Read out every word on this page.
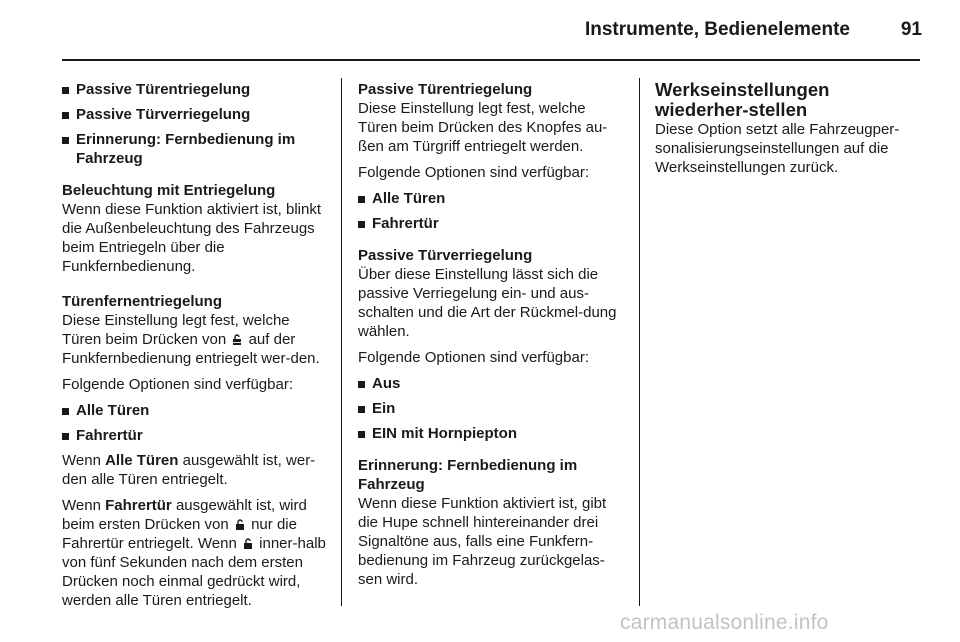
Instrumente, Bedienelemente	91
Passive Türentriegelung
Passive Türverriegelung
Erinnerung: Fernbedienung im Fahrzeug
Beleuchtung mit Entriegelung

Wenn diese Funktion aktiviert ist, blinkt die Außenbeleuchtung des Fahrzeugs beim Entriegeln über die Funkfernbedienung.

Türenfernentriegelung

Diese Einstellung legt fest, welche Türen beim Drücken von auf der Funkfernbedienung entriegelt wer-den.

Folgende Optionen sind verfügbar:

Alle Türen
Fahrertür

Wenn Alle Türen ausgewählt ist, wer-den alle Türen entriegelt.

Wenn Fahrertür ausgewählt ist, wird beim ersten Drücken von nur die Fahrertür entriegelt. Wenn inner-halb von fünf Sekunden nach dem ersten Drücken noch einmal gedrückt wird, werden alle Türen entriegelt.

Passive Türentriegelung

Diese Einstellung legt fest, welche Türen beim Drücken des Knopfes au-ßen am Türgriff entriegelt werden.

Folgende Optionen sind verfügbar:

Alle Türen
Fahrertür
Passive Türverriegelung

Über diese Einstellung lässt sich die passive Verriegelung ein- und aus-schalten und die Art der Rückmel-dung wählen.

Folgende Optionen sind verfügbar:

Aus
Ein
EIN mit Hornpiepton
Erinnerung: Fernbedienung im Fahrzeug

Wenn diese Funktion aktiviert ist, gibt die Hupe schnell hintereinander drei Signaltöne aus, falls eine Funkfern-bedienung im Fahrzeug zurückgelas-sen wird.

Werkseinstellungen wiederher-stellen

Diese Option setzt alle Fahrzeugper-sonalisierungseinstellungen auf die Werkseinstellungen zurück.

carmanualsonline.info
